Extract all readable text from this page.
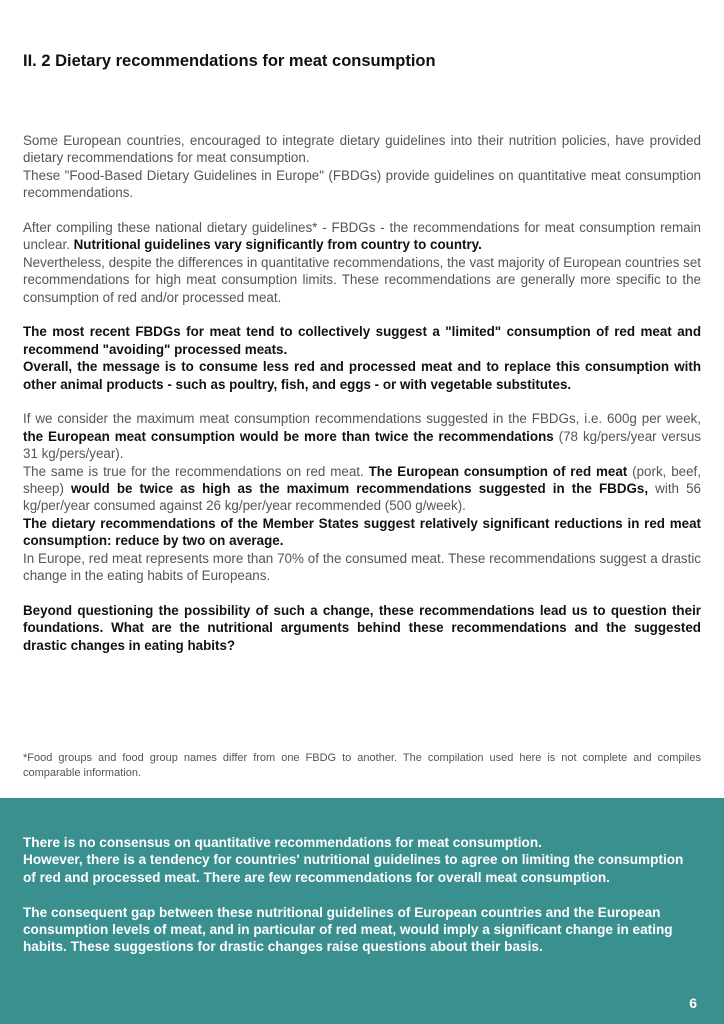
II. 2 Dietary recommendations for meat consumption

Some European countries, encouraged to integrate dietary guidelines into their nutrition policies, have provided dietary recommendations for meat consumption.
These "Food-Based Dietary Guidelines in Europe" (FBDGs) provide guidelines on quantitative meat consumption recommendations.

After compiling these national dietary guidelines* - FBDGs - the recommendations for meat consumption remain unclear. Nutritional guidelines vary significantly from country to country.
Nevertheless, despite the differences in quantitative recommendations, the vast majority of European countries set recommendations for high meat consumption limits. These recommendations are generally more specific to the consumption of red and/or processed meat.

The most recent FBDGs for meat tend to collectively suggest a "limited" consumption of red meat and recommend "avoiding" processed meats.
Overall, the message is to consume less red and processed meat and to replace this consumption with other animal products - such as poultry, fish, and eggs - or with vegetable substitutes.

If we consider the maximum meat consumption recommendations suggested in the FBDGs, i.e. 600g per week, the European meat consumption would be more than twice the recommendations (78 kg/pers/year versus 31 kg/pers/year).
The same is true for the recommendations on red meat. The European consumption of red meat (pork, beef, sheep) would be twice as high as the maximum recommendations suggested in the FBDGs, with 56 kg/per/year consumed against 26 kg/per/year recommended (500 g/week).
The dietary recommendations of the Member States suggest relatively significant reductions in red meat consumption: reduce by two on average.
In Europe, red meat represents more than 70% of the consumed meat. These recommendations suggest a drastic change in the eating habits of Europeans.

Beyond questioning the possibility of such a change, these recommendations lead us to question their foundations. What are the nutritional arguments behind these recommendations and the suggested drastic changes in eating habits?

*Food groups and food group names differ from one FBDG to another. The compilation used here is not complete and compiles comparable information.

There is no consensus on quantitative recommendations for meat consumption.
However, there is a tendency for countries' nutritional guidelines to agree on limiting the consumption of red and processed meat. There are few recommendations for overall meat consumption.
The consequent gap between these nutritional guidelines of European countries and the European consumption levels of meat, and in particular of red meat, would imply a significant change in eating habits. These suggestions for drastic changes raise questions about their basis.
6
